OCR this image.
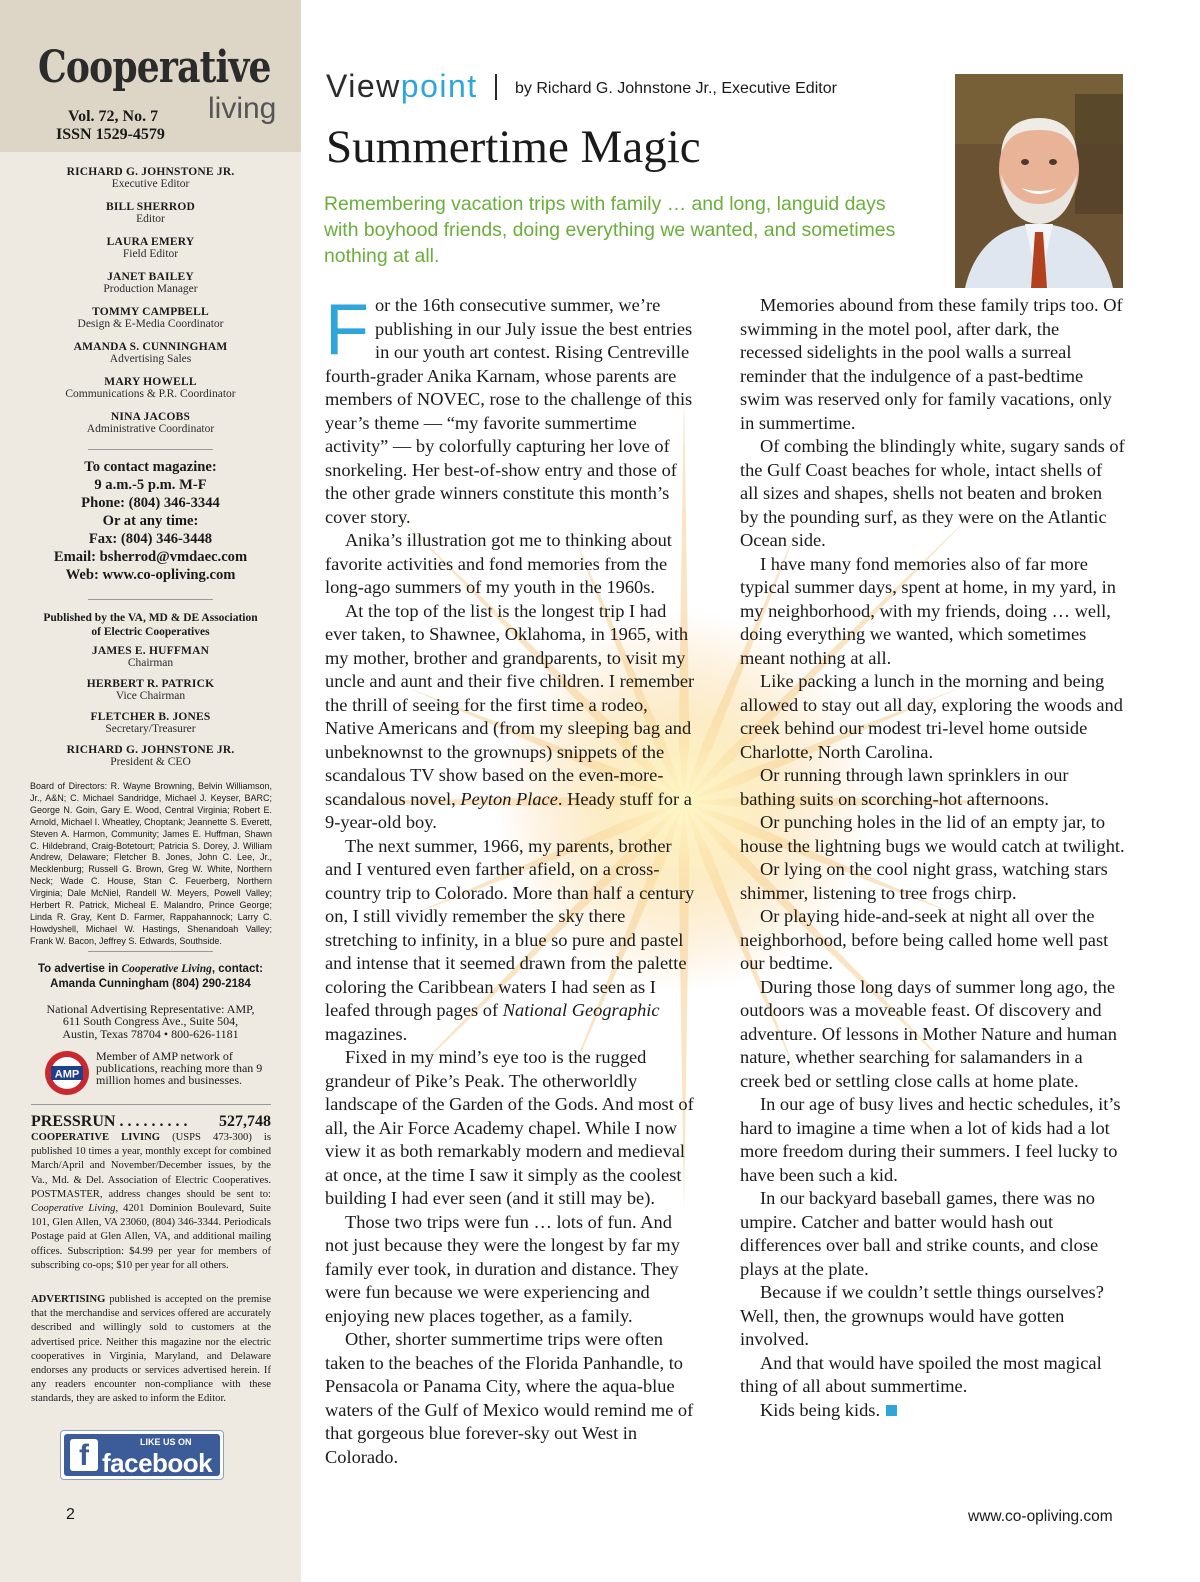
Cooperative
living
Vol. 72, No. 7
ISSN 1529-4579
RICHARD G. JOHNSTONE JR.
Executive Editor
BILL SHERROD
Editor
LAURA EMERY
Field Editor
JANET BAILEY
Production Manager
TOMMY CAMPBELL
Design & E-Media Coordinator
AMANDA S. CUNNINGHAM
Advertising Sales
MARY HOWELL
Communications & P.R. Coordinator
NINA JACOBS
Administrative Coordinator
To contact magazine:
9 a.m.-5 p.m. M-F
Phone: (804) 346-3344
Or at any time:
Fax: (804) 346-3448
Email: bsherrod@vmdaec.com
Web: www.co-opliving.com
Published by the VA, MD & DE Association
of Electric Cooperatives
JAMES E. HUFFMAN
Chairman
HERBERT R. PATRICK
Vice Chairman
FLETCHER B. JONES
Secretary/Treasurer
RICHARD G. JOHNSTONE JR.
President & CEO
Board of Directors: R. Wayne Browning, Belvin Williamson, Jr., A&N; C. Michael Sandridge, Michael J. Keyser, BARC; George N. Goin, Gary E. Wood, Central Virginia; Robert E. Arnold, Michael I. Wheatley, Choptank; Jeannette S. Everett, Steven A. Harmon, Community; James E. Huffman, Shawn C. Hildebrand, Craig-Botetourt; Patricia S. Dorey, J. William Andrew, Delaware; Fletcher B. Jones, John C. Lee, Jr., Mecklenburg; Russell G. Brown, Greg W. White, Northern Neck; Wade C. House, Stan C. Feuerberg, Northern Virginia; Dale McNiel, Randell W. Meyers, Powell Valley; Herbert R. Patrick, Micheal E. Malandro, Prince George; Linda R. Gray, Kent D. Farmer, Rappahannock; Larry C. Howdyshell, Michael W. Hastings, Shenandoah Valley; Frank W. Bacon, Jeffrey S. Edwards, Southside.
To advertise in Cooperative Living, contact:
Amanda Cunningham (804) 290-2184
National Advertising Representative: AMP,
611 South Congress Ave., Suite 504,
Austin, Texas 78704 • 800-626-1181
AMP
Member of AMP network of publications, reaching more than 9 million homes and businesses.
PRESSRUN . . . . . . . . . 527,748
COOPERATIVE LIVING (USPS 473-300) is published 10 times a year, monthly except for combined March/April and November/December issues, by the Va., Md. & Del. Association of Electric Cooperatives. POSTMASTER, address changes should be sent to: Cooperative Living, 4201 Dominion Boulevard, Suite 101, Glen Allen, VA 23060, (804) 346-3344. Periodicals Postage paid at Glen Allen, VA, and additional mailing offices. Subscription: $4.99 per year for members of subscribing co-ops; $10 per year for all others.
ADVERTISING published is accepted on the premise that the merchandise and services offered are accurately described and willingly sold to customers at the advertised price. Neither this magazine nor the electric cooperatives in Virginia, Maryland, and Delaware endorses any products or services advertised herein. If any readers encounter non-compliance with these standards, they are asked to inform the Editor.
f	LIKE US ON
facebook
2
Viewpoint by Richard G. Johnstone Jr., Executive Editor
Summertime Magic
Remembering vacation trips with family … and long, languid days with boyhood friends, doing everything we wanted, and sometimes nothing at all.

For the 16th consecutive summer, we’re publishing in our July issue the best entries in our youth art contest. Rising Centreville fourth-grader Anika Karnam, whose parents are members of NOVEC, rose to the challenge of this year’s theme — “my favorite summertime activity” — by colorfully capturing her love of snorkeling. Her best-of-show entry and those of the other grade winners constitute this month’s cover story.

Anika’s illustration got me to thinking about favorite activities and fond memories from the long-ago summers of my youth in the 1960s.

At the top of the list is the longest trip I had ever taken, to Shawnee, Oklahoma, in 1965, with my mother, brother and grandparents, to visit my uncle and aunt and their five children. I remember the thrill of seeing for the first time a rodeo, Native Americans and (from my sleeping bag and unbeknownst to the grownups) snippets of the scandalous TV show based on the even-more-scandalous novel, Peyton Place. Heady stuff for a 9-year-old boy.

The next summer, 1966, my parents, brother and I ventured even farther afield, on a cross-country trip to Colorado. More than half a century on, I still vividly remember the sky there stretching to infinity, in a blue so pure and pastel and intense that it seemed drawn from the palette coloring the Caribbean waters I had seen as I leafed through pages of National Geographic magazines.

Fixed in my mind’s eye too is the rugged grandeur of Pike’s Peak. The otherworldly landscape of the Garden of the Gods. And most of all, the Air Force Academy chapel. While I now view it as both remarkably modern and medieval at once, at the time I saw it simply as the coolest building I had ever seen (and it still may be).

Those two trips were fun … lots of fun. And not just because they were the longest by far my family ever took, in duration and distance. They were fun because we were experiencing and enjoying new places together, as a family.

Other, shorter summertime trips were often taken to the beaches of the Florida Panhandle, to Pensacola or Panama City, where the aqua-blue waters of the Gulf of Mexico would remind me of that gorgeous blue forever-sky out West in Colorado.

Memories abound from these family trips too. Of swimming in the motel pool, after dark, the recessed sidelights in the pool walls a surreal reminder that the indulgence of a past-bedtime swim was reserved only for family vacations, only in summertime.

Of combing the blindingly white, sugary sands of the Gulf Coast beaches for whole, intact shells of all sizes and shapes, shells not beaten and broken by the pounding surf, as they were on the Atlantic Ocean side.

I have many fond memories also of far more typical summer days, spent at home, in my yard, in my neighborhood, with my friends, doing … well, doing everything we wanted, which sometimes meant nothing at all.

Like packing a lunch in the morning and being allowed to stay out all day, exploring the woods and creek behind our modest tri-level home outside Charlotte, North Carolina.

Or running through lawn sprinklers in our bathing suits on scorching-hot afternoons.

Or punching holes in the lid of an empty jar, to house the lightning bugs we would catch at twilight.

Or lying on the cool night grass, watching stars shimmer, listening to tree frogs chirp.

Or playing hide-and-seek at night all over the neighborhood, before being called home well past our bedtime.

During those long days of summer long ago, the outdoors was a moveable feast. Of discovery and adventure. Of lessons in Mother Nature and human nature, whether searching for salamanders in a creek bed or settling close calls at home plate.

In our age of busy lives and hectic schedules, it’s hard to imagine a time when a lot of kids had a lot more freedom during their summers. I feel lucky to have been such a kid.

In our backyard baseball games, there was no umpire. Catcher and batter would hash out differences over ball and strike counts, and close plays at the plate.

Because if we couldn’t settle things ourselves? Well, then, the grownups would have gotten involved.

And that would have spoiled the most magical thing of all about summertime.

Kids being kids.

www.co-opliving.com
